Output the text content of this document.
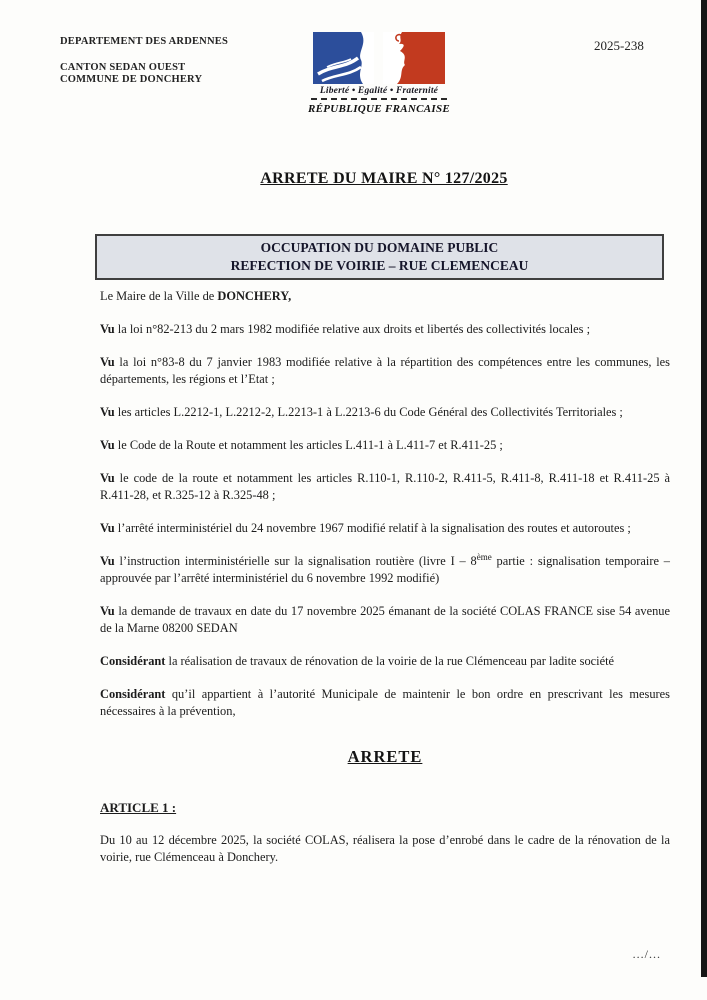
DEPARTEMENT DES ARDENNES
CANTON SEDAN OUEST
COMMUNE DE DONCHERY
Liberté • Egalité • Fraternité
RÉPUBLIQUE FRANCAISE
2025-238
ARRETE DU MAIRE N° 127/2025
OCCUPATION DU DOMAINE PUBLIC
REFECTION DE VOIRIE – RUE CLEMENCEAU

Le Maire de la Ville de DONCHERY,

Vu la loi n°82-213 du 2 mars 1982 modifiée relative aux droits et libertés des collectivités locales ;

Vu la loi n°83-8 du 7 janvier 1983 modifiée relative à la répartition des compétences entre les communes, les départements, les régions et l’Etat ;

Vu les articles L.2212-1, L.2212-2, L.2213-1 à L.2213-6 du Code Général des Collectivités Territoriales ;

Vu le Code de la Route et notamment les articles L.411-1 à L.411-7 et R.411-25 ;

Vu le code de la route et notamment les articles R.110-1, R.110-2, R.411-5, R.411-8, R.411-18 et R.411-25 à R.411-28, et R.325-12 à R.325-48 ;

Vu l’arrêté interministériel du 24 novembre 1967 modifié relatif à la signalisation des routes et autoroutes ;

Vu l’instruction interministérielle sur la signalisation routière (livre I – 8ème partie : signalisation temporaire – approuvée par l’arrêté interministériel du 6 novembre 1992 modifié)

Vu la demande de travaux en date du 17 novembre 2025 émanant de la société COLAS FRANCE sise 54 avenue de la Marne 08200 SEDAN

Considérant la réalisation de travaux de rénovation de la voirie de la rue Clémenceau par ladite société

Considérant qu’il appartient à l’autorité Municipale de maintenir le bon ordre en prescrivant les mesures nécessaires à la prévention,

ARRETE

ARTICLE 1 :

Du 10 au 12 décembre 2025, la société COLAS, réalisera la pose d’enrobé dans le cadre de la rénovation de la voirie, rue Clémenceau à Donchery.

.../...
